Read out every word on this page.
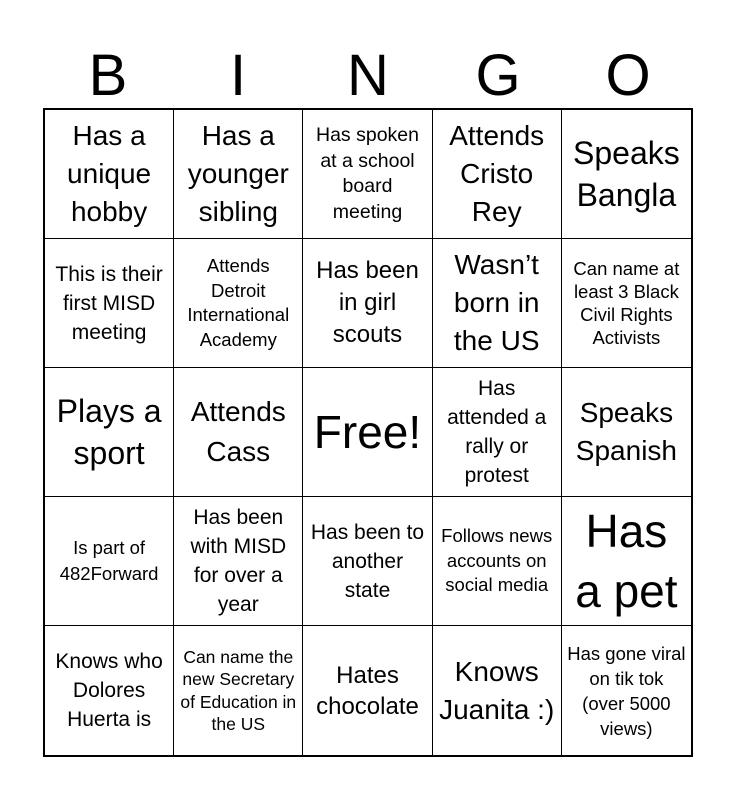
B	I	N	G	O
Has a unique hobby
Has a younger sibling
Has spoken at a school board meeting
Attends Cristo Rey
Speaks Bangla
This is their first MISD meeting
Attends Detroit International Academy
Has been in girl scouts
Wasn’t born in the US
Can name at least 3 Black Civil Rights Activists
Plays a sport
Attends Cass Free!
Has attended a rally or protest
Speaks Spanish
Is part of 482Forward
Has been with MISD for over a year
Has been to another state
Follows news accounts on social media
Has a pet
Knows who Dolores Huerta is
Can name the new Secretary of Education in the US
Hates chocolate
Knows Juanita :)
Has gone viral on tik tok (over 5000 views)
